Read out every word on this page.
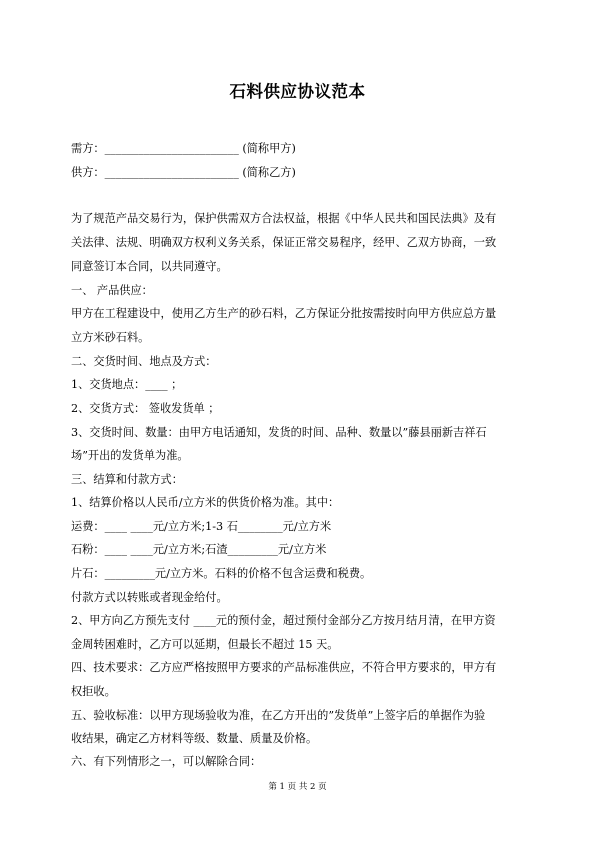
石料供应协议范本
需方：________________________ (简称甲方)
供方：________________________ (简称乙方)
为了规范产品交易行为，保护供需双方合法权益，根据《中华人民共和国民法典》及有
关法律、法规、明确双方权利义务关系，保证正常交易程序，经甲、乙双方协商，一致
同意签订本合同，以共同遵守。
一、 产品供应：
甲方在工程建设中，使用乙方生产的砂石料，乙方保证分批按需按时向甲方供应总方量
立方米砂石料。
二、交货时间、地点及方式：
1、交货地点：____ ；
2、交货方式： 签收发货单 ；
3、交货时间、数量：由甲方电话通知，发货的时间、品种、数量以”藤县丽新吉祥石
场”开出的发货单为准。
三、结算和付款方式：
1、结算价格以人民币/立方米的供货价格为准。其中：
运费：____ ____元/立方米;1-3 石________元/立方米
石粉：____ ____元/立方米;石渣_________元/立方米
片石：_________元/立方米。石料的价格不包含运费和税费。
付款方式以转账或者现金给付。
2、甲方向乙方预先支付 ____元的预付金，超过预付金部分乙方按月结月清，在甲方资
金周转困难时，乙方可以延期，但最长不超过 15 天。
四、技术要求：乙方应严格按照甲方要求的产品标准供应，不符合甲方要求的，甲方有
权拒收。
五、验收标准：以甲方现场验收为准，在乙方开出的”发货单”上签字后的单据作为验
收结果，确定乙方材料等级、数量、质量及价格。
六、有下列情形之一，可以解除合同：
第 1 页 共 2 页
